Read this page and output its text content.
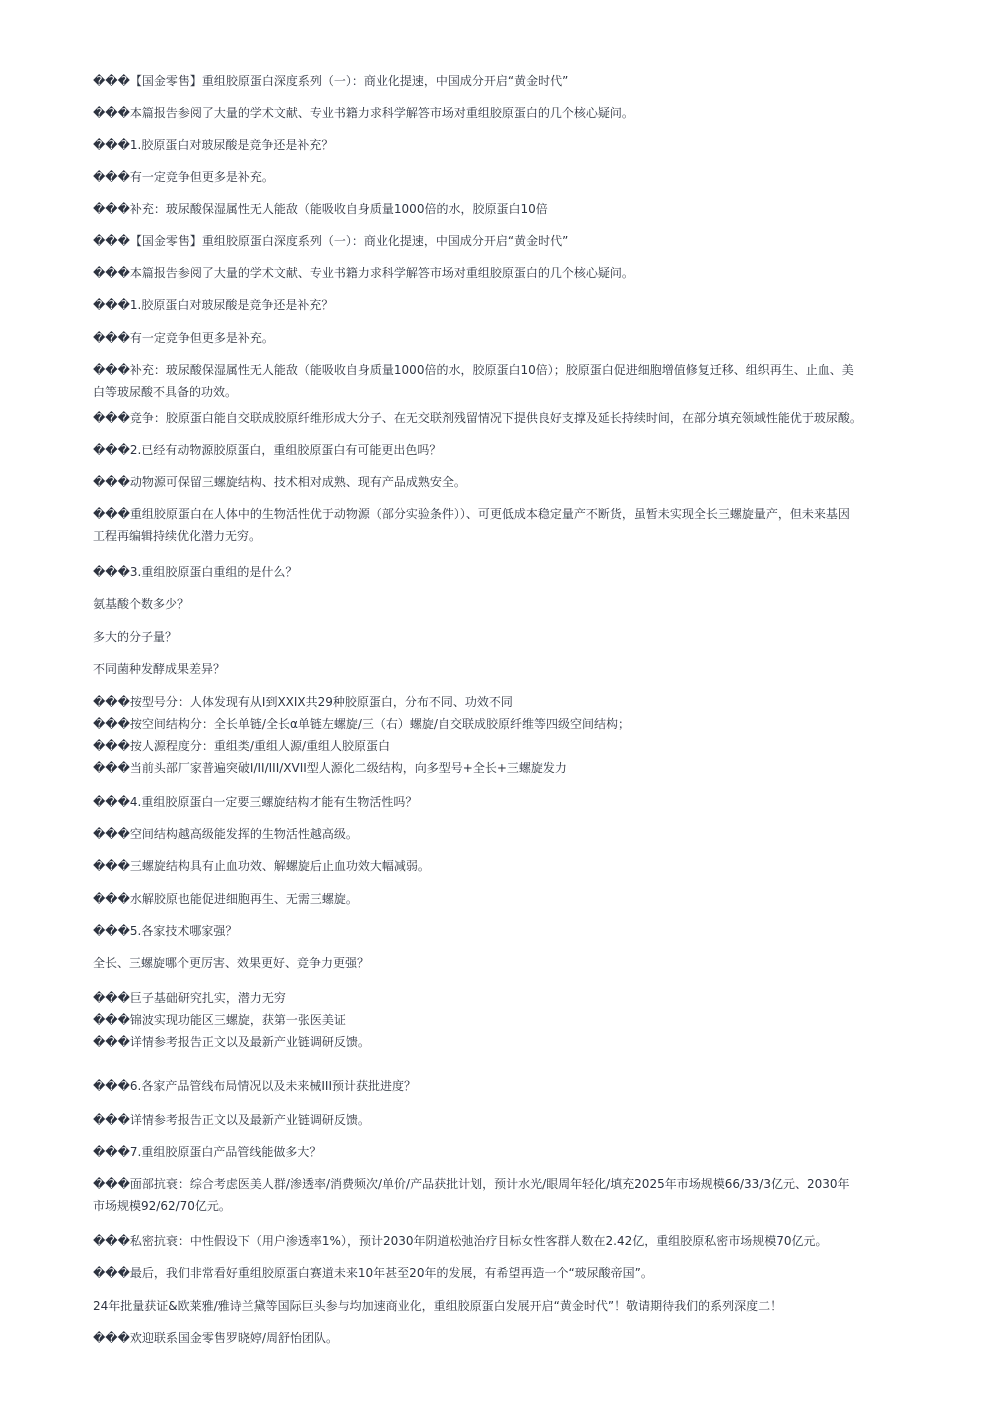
���【国金零售】重组胶原蛋白深度系列（一）：商业化提速，中国成分开启“黄金时代”
���本篇报告参阅了大量的学术文献、专业书籍力求科学解答市场对重组胶原蛋白的几个核心疑问。
���1.胶原蛋白对玻尿酸是竞争还是补充？
���有一定竞争但更多是补充。
���补充：玻尿酸保湿属性无人能敌（能吸收自身质量1000倍的水，胶原蛋白10倍
���【国金零售】重组胶原蛋白深度系列（一）：商业化提速，中国成分开启“黄金时代”
���本篇报告参阅了大量的学术文献、专业书籍力求科学解答市场对重组胶原蛋白的几个核心疑问。
���1.胶原蛋白对玻尿酸是竞争还是补充？
���有一定竞争但更多是补充。
���补充：玻尿酸保湿属性无人能敌（能吸收自身质量1000倍的水，胶原蛋白10倍）；胶原蛋白促进细胞增值修复迁移、组织再生、止血、美
白等玻尿酸不具备的功效。
���竞争：胶原蛋白能自交联成胶原纤维形成大分子、在无交联剂残留情况下提供良好支撑及延长持续时间，在部分填充领域性能优于玻尿酸。
���2.已经有动物源胶原蛋白，重组胶原蛋白有可能更出色吗？
���动物源可保留三螺旋结构、技术相对成熟、现有产品成熟安全。
���重组胶原蛋白在人体中的生物活性优于动物源（部分实验条件））、可更低成本稳定量产不断货，虽暂未实现全长三螺旋量产，但未来基因
工程再编辑持续优化潜力无穷。
���3.重组胶原蛋白重组的是什么？
氨基酸个数多少？
多大的分子量？
不同菌种发酵成果差异？
���按型号分：人体发现有从I到XXIX共29种胶原蛋白，分布不同、功效不同
���按空间结构分：全长单链/全长α单链左螺旋/三（右）螺旋/自交联成胶原纤维等四级空间结构；
���按人源程度分：重组类/重组人源/重组人胶原蛋白
���当前头部厂家普遍突破I/II/III/XVII型人源化二级结构，向多型号+全长+三螺旋发力
���4.重组胶原蛋白一定要三螺旋结构才能有生物活性吗？
���空间结构越高级能发挥的生物活性越高级。
���三螺旋结构具有止血功效、解螺旋后止血功效大幅减弱。
���水解胶原也能促进细胞再生、无需三螺旋。
���5.各家技术哪家强？
全长、三螺旋哪个更厉害、效果更好、竞争力更强？
���巨子基础研究扎实，潜力无穷
���锦波实现功能区三螺旋，获第一张医美证
���详情参考报告正文以及最新产业链调研反馈。
���6.各家产品管线布局情况以及未来械III预计获批进度？
���详情参考报告正文以及最新产业链调研反馈。
���7.重组胶原蛋白产品管线能做多大？
���面部抗衰：综合考虑医美人群/渗透率/消费频次/单价/产品获批计划，预计水光/眼周年轻化/填充2025年市场规模66/33/3亿元、2030年
市场规模92/62/70亿元。
���私密抗衰：中性假设下（用户渗透率1%），预计2030年阴道松弛治疗目标女性客群人数在2.42亿，重组胶原私密市场规模70亿元。
���最后，我们非常看好重组胶原蛋白赛道未来10年甚至20年的发展，有希望再造一个“玻尿酸帝国”。
24年批量获证&欧莱雅/雅诗兰黛等国际巨头参与均加速商业化，重组胶原蛋白发展开启“黄金时代”！敬请期待我们的系列深度二！
���欢迎联系国金零售罗晓婷/周舒怡团队。
